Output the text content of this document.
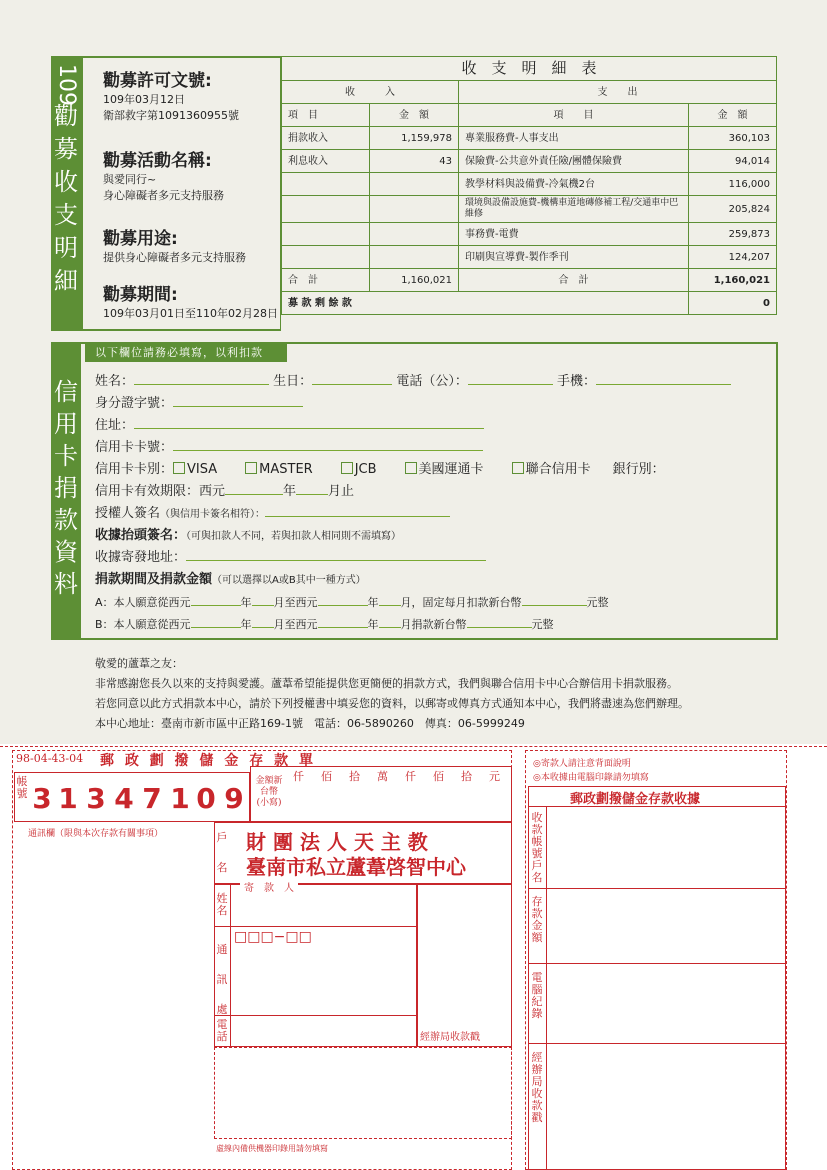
109
勸募收支明細
勸募許可文號:
109年03月12日
衛部救字第1091360955號
勸募活動名稱:
與愛同行~
身心障礙者多元支持服務
勸募用途:
提供身心障礙者多元支持服務
勸募期間:
109年03月01日至110年02月28日
收　支　明　細　表			
收　　　入		支　　出	
項　目	金　額	項　　目	金　額
捐款收入	1,159,978	專業服務費-人事支出	360,103
利息收入	43	保險費-公共意外責任險/團體保險費	94,014
		教學材料與設備費-冷氣機2台	116,000
		環境與設備設施費-機構車道地磚修補工程/交通車中巴維修	205,824
		事務費-電費	259,873
		印刷與宣導費-製作季刊	124,207
合　計	1,160,021	合　計	1,160,021
募 款 剩 餘 款			0
信用卡捐款資料
以下欄位請務必填寫，以利扣款
姓名：	生日：	電話（公）：	手機：
身分證字號：
住址：
信用卡卡號：
信用卡卡別： VISA	MASTER	JCB	美國運通卡	聯合信用卡 銀行別：
信用卡有效期限：西元	年 月止
授權人簽名（與信用卡簽名相符）：
收據抬頭簽名：（可與扣款人不同，若與扣款人相同則不需填寫）
收據寄發地址：
捐款期間及捐款金額（可以選擇以A或B其中一種方式）
A：本人願意從西元	年 月至西元	年 月，固定每月扣款新台幣	元整
B：本人願意從西元	年 月至西元	年 月捐款新台幣	元整
敬愛的蘆葦之友：
非常感謝您長久以來的支持與愛護。蘆葦希望能提供您更簡便的捐款方式，我們與聯合信用卡中心合辦信用卡捐款服務。
若您同意以此方式捐款本中心，請於下列授權書中填妥您的資料，以郵寄或傳真方式通知本中心，我們將盡速為您們辦理。
本中心地址：臺南市新市區中正路169-1號　電話：06-5890260　傳真：06-5999249
98-04-43-04 郵 政 劃 撥 儲 金 存 款 單
帳號 3 1 3 4 7 1 0 9
金額新台幣(小寫)
仟 佰 拾 萬 仟 佰 拾 元
通訊欄（限與本次存款有關事項）	戶
名
財 團 法 人 天 主 教
臺南市私立蘆葦啓智中心
寄　款　人
姓名
通訊處
□□□−□□
電話	經辦局收款戳
虛線內備供機器印錄用請勿填寫
◎寄款人請注意背面說明
◎本收據由電腦印錄請勿填寫
郵政劃撥儲金存款收據
收款帳號戶名
存款金額
電腦紀錄
經辦局收款戳
